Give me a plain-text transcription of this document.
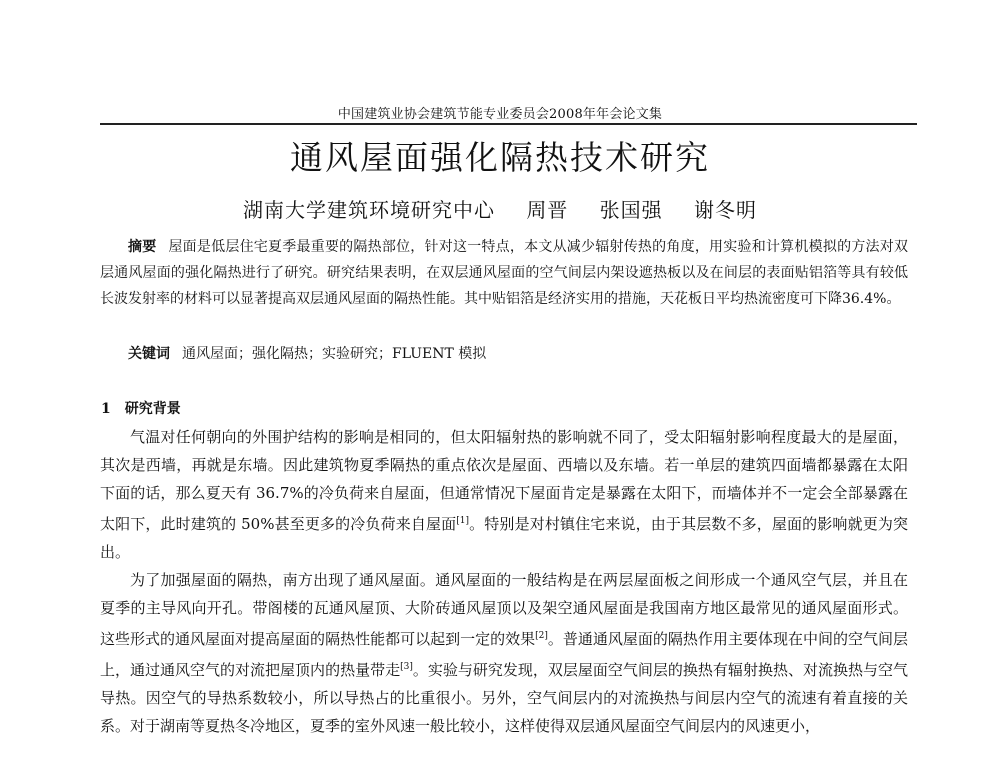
中国建筑业协会建筑节能专业委员会2008年年会论文集
通风屋面强化隔热技术研究
湖南大学建筑环境研究中心 周晋 张国强 谢冬明
摘要 屋面是低层住宅夏季最重要的隔热部位，针对这一特点，本文从减少辐射传热的角度，用实验和计算机模拟的方法对双层通风屋面的强化隔热进行了研究。研究结果表明，在双层通风屋面的空气间层内架设遮热板以及在间层的表面贴铝箔等具有较低长波发射率的材料可以显著提高双层通风屋面的隔热性能。其中贴铝箔是经济实用的措施，天花板日平均热流密度可下降36.4%。
关键词 通风屋面；强化隔热；实验研究；FLUENT 模拟
1 研究背景

气温对任何朝向的外围护结构的影响是相同的，但太阳辐射热的影响就不同了，受太阳辐射影响程度最大的是屋面，其次是西墙，再就是东墙。因此建筑物夏季隔热的重点依次是屋面、西墙以及东墙。若一单层的建筑四面墙都暴露在太阳下面的话，那么夏天有 36.7%的冷负荷来自屋面，但通常情况下屋面肯定是暴露在太阳下，而墙体并不一定会全部暴露在太阳下，此时建筑的 50%甚至更多的冷负荷来自屋面[1]。特别是对村镇住宅来说，由于其层数不多，屋面的影响就更为突出。

为了加强屋面的隔热，南方出现了通风屋面。通风屋面的一般结构是在两层屋面板之间形成一个通风空气层，并且在夏季的主导风向开孔。带阁楼的瓦通风屋顶、大阶砖通风屋顶以及架空通风屋面是我国南方地区最常见的通风屋面形式。这些形式的通风屋面对提高屋面的隔热性能都可以起到一定的效果[2]。普通通风屋面的隔热作用主要体现在中间的空气间层上，通过通风空气的对流把屋顶内的热量带走[3]。实验与研究发现，双层屋面空气间层的换热有辐射换热、对流换热与空气导热。因空气的导热系数较小，所以导热占的比重很小。另外，空气间层内的对流换热与间层内空气的流速有着直接的关系。对于湖南等夏热冬冷地区，夏季的室外风速一般比较小，这样使得双层通风屋面空气间层内的风速更小，
